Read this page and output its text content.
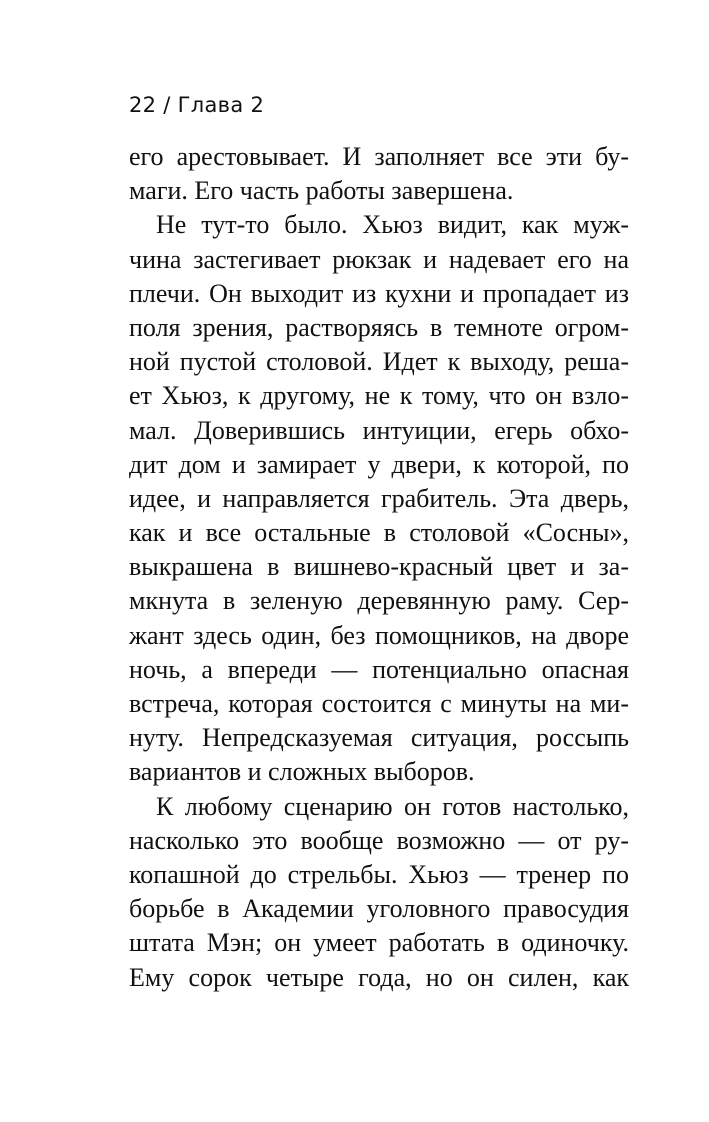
22 / Глава 2
его арестовывает. И заполняет все эти бу-
маги. Его часть работы завершена.
Не тут-то было. Хьюз видит, как муж-
чина застегивает рюкзак и надевает его на
плечи. Он выходит из кухни и пропадает из
поля зрения, растворяясь в темноте огром-
ной пустой столовой. Идет к выходу, реша-
ет Хьюз, к другому, не к тому, что он взло-
мал. Доверившись интуиции, егерь обхо-
дит дом и замирает у двери, к которой, по
идее, и направляется грабитель. Эта дверь,
как и все остальные в столовой «Сосны»,
выкрашена в вишнево-красный цвет и за-
мкнута в зеленую деревянную раму. Сер-
жант здесь один, без помощников, на дворе
ночь, а впереди — потенциально опасная
встреча, которая состоится с минуты на ми-
нуту. Непредсказуемая ситуация, россыпь
вариантов и сложных выборов.
К любому сценарию он готов настолько,
насколько это вообще возможно — от ру-
копашной до стрельбы. Хьюз — тренер по
борьбе в Академии уголовного правосудия
штата Мэн; он умеет работать в одиночку.
Ему сорок четыре года, но он силен, как
